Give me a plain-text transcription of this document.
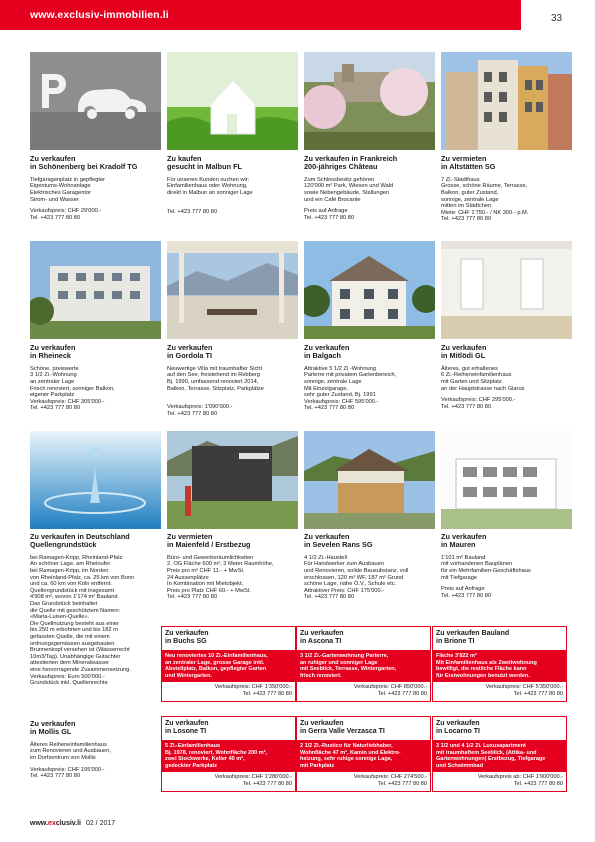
www.exclusiv-immobilien.li	33
Zu verkaufen
in Schönenberg bei Kradolf TG
Tiefgaragenplatz in gepflegter
Eigentums-Wohnanlage
Elektrisches Garagentor
Strom- und Wasser
Verkaufspreis: CHF 29'000.-
Tel. +423 777 80 80
Zu kaufen
gesucht in Malbun FL
Für unseren Kunden suchen wir:
Einfamilienhaus oder Wohnung,
direkt in Malbun an sonniger Lage
Tel. +423 777 80 80
Zu verkaufen in Frankreich
200-jähriges Château
Zum Schlossbesitz gehören
120'000 m² Park, Wiesen und Wald
sowie Nebengebäude, Stallungen
und ein Café Brocante
Preis auf Anfrage
Tel. +423 777 80 80
Zu vermieten
in Altstätten SG
7 Zi.-Stadthaus
Grosse, schöne Räume, Terrasse,
Balkon, guter Zustand,
sonnige, zentrale Lage
mitten im Städtchen.
Miete: CHF 1'750.- / NK 300.- p.M.
Tel. +423 777 80 80
Zu verkaufen
in Rheineck
Schöne, preiswerte
3 1/2 Zi.-Wohnung
an zentraler Lage
Frisch renoviert, sonniger Balkon,
eigener Parkplatz
Verkaufspreis: CHF 305'000.-
Tel. +423 777 80 80
Zu verkaufen
in Gordola TI
Neuwertige Villa mit traumhafter Sicht
auf den See, freistehend im Rebberg
Bj. 1990, umfassend renoviert 2014,
Balkon, Terrasse, Sitzplatz, Parkplätze
Verkaufspreis: 1'090'000.-
Tel. +423 777 80 80
Zu verkaufen
in Balgach
Attraktive 5 1/2 Zi.-Wohnung
Parterre mit privatem Gartenbereich,
sonnige, zentrale Lage
Mit Einzelgarage,
sehr guter Zustand, Bj. 1991
Verkaufspreis: CHF 595'000.-
Tel. +423 777 80 80
Zu verkaufen
in Mitlödi GL
Älteres, gut erhaltenes
6 Zi.-Reiheneinfamilienhaus
mit Garten und Sitzplatz
an der Hauptstrasse nach Glarus
Verkaufspreis: CHF 295'000.-
Tel. +423 777 80 80
Zu verkaufen in Deutschland
Quellengrundstück
bei Ramagen-Kripp, Rheinland-Pfalz
An schöner Lage, am Rheinufer
bei Ramagen-Kripp, im Norden
von Rheinland-Pfalz, ca. 25 km von Bonn
und ca. 60 km von Köln entfernt.
Quellengrundstück mit insgesamt
4'908 m², wovon 1'174 m² Bauland
Das Grundstück beinhaltet
die Quelle mit geschütztem Namen:
«Maria-Luisen-Quelle».
Die Quellnutzung besteht aus einer
bis 250 m erbohrten und bis 182 m
gefassten Quelle, die mit einem
ordnungsgemässen ausgebauten
Brunnenkopf versehen ist (Wasserrecht
10m3/Tag). Unabhängige Gutachter
attestierten dem Mineralwasser
eine hervorragende Zusammensetzung.
Verkaufspreis: Euro 500'000.-
Grundstück inkl. Quellenrechte
Zu vermieten
in Maienfeld / Erstbezug
Büro- und Gewerberäumlichkeiten
2. OG Fläche 600 m², 3 Meter Raumhöhe,
Preis pro m² CHF 11.- + MwSt.
24 Aussenplätze
In Kombination mit Mietobjekt,
Preis pro Platz CHF 60.- + MwSt.
Tel. +423 777 80 80
Zu verkaufen
in Sevelen Rans SG
4 1/2 Zi.-Haustell
Für Handwerker zum Ausbauen
und Renovieren, solide Bausubstanz, voll
erschlossen, 120 m² WF, 187 m² Grund
schöne Lage, nähe Ö.V., Schule etc.
Attraktiver Preis: CHF 175'000.-
Tel. +423 777 80 80
Zu verkaufen
in Mauren
1'101 m² Bauland
mit vorhandenen Bauplänen
für ein Mehrfamilien-Geschäftshaus
mit Tiefgarage
Preis auf Anfrage
Tel. +423 777 80 80
Zu verkaufen
in Buchs SG
Neu renoviertes 10 Zi.-Einfamilienhaus,
an zentraler Lage, grosse Garage inkl.
Abstellplatz, Balkon, gepflegter Garten
und Wintergarten.
Verkaufspreis: CHF 1'350'000.-
Tel. +423 777 80 80
Zu verkaufen
in Ascona TI
3 1/2 Zi.-Gartenwohnung Parterre,
an ruhiger und sonniger Lage
mit Seeblick, Terrasse, Wintergarten,
frisch renoviert.
Verkaufspreis: CHF 850'000.-
Tel. +423 777 80 80
Zu verkaufen Bauland
in Brione TI
Fläche 3'822 m²
Mit Einfamilienhaus als Zweitwohnung
bewilligt, die restliche Fläche kann
für Erstwohnungen benutzt werden.
Verkaufspreis: CHF 5'350'000.-
Tel. +423 777 80 80
Zu verkaufen
in Mollis GL
Älteres Reiheneinfamilienhaus
zum Renovieren und Ausbauen,
im Dorfzentrum von Mollis
Verkaufspreis: CHF 195'000.-
Tel. +423 777 80 80
Zu verkaufen
in Losone TI
5 Zi.-Einfamilienhaus
Bj. 1978, renoviert, Wohnfläche 200 m²,
zwei Stockwerke, Keller 40 m²,
gedeckter Parkplatz
Verkaufspreis: CHF 1'280'000.-
Tel. +423 777 80 80
Zu verkaufen
in Gerra Valle Verzasca TI
2 1/2 Zi.-Rustico für Naturliebhaber,
Wohnfläche 47 m², Kamin und Elektro-
heizung, sehr ruhige sonnige Lage,
mit Parkplatz
Verkaufspreis: CHF 274'500.-
Tel. +423 777 80 80
Zu verkaufen
in Locarno TI
3 1/2 und 4 1/2 Zi. Luxusapartment
mit traumhaftem Seeblick, (Attika- und
Gartenwohnungen) Erstbezug, Tiefgarage
und Schwimmbad
Verkaufspreis ab: CHF 1'900'000.-
Tel. +423 777 80 80
www.exclusiv.li 02 / 2017
